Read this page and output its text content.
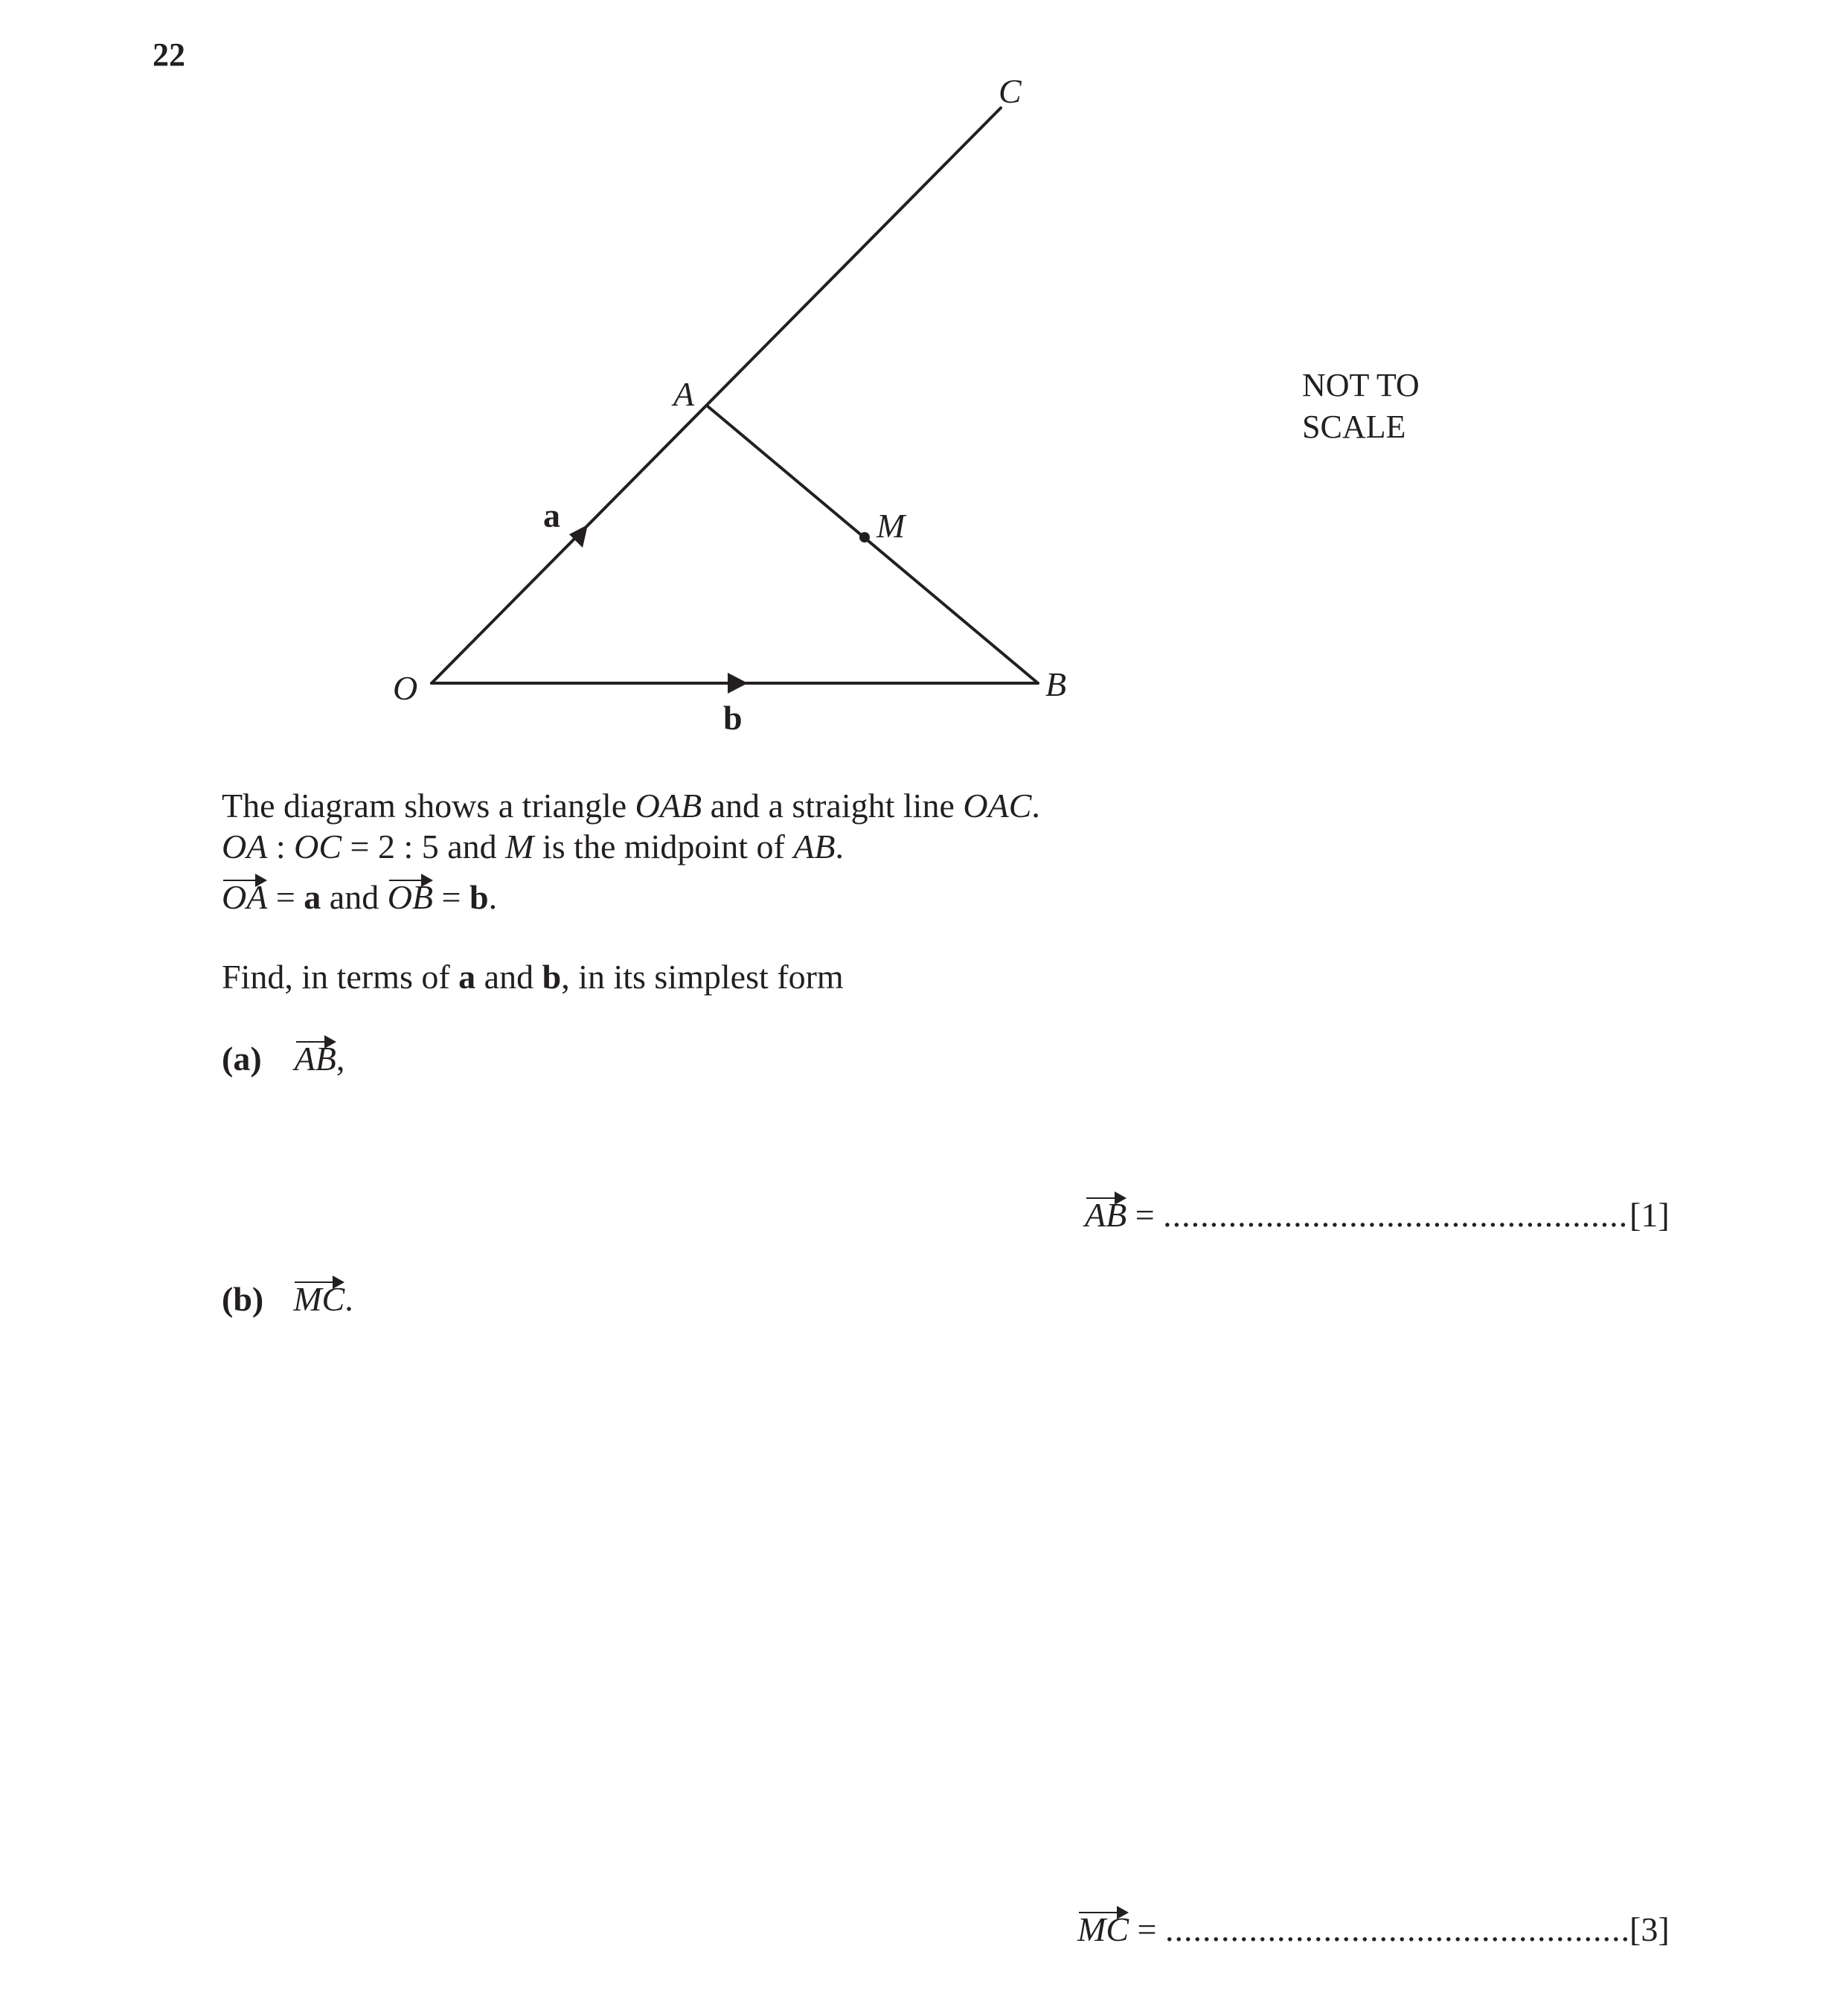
22
O
A
B
C
M
a
b
NOT TO
SCALE
The diagram shows a triangle OAB and a straight line OAC.
OA : OC = 2 : 5 and M is the midpoint of AB.
OA = a and OB = b.
Find, in terms of a and b, in its simplest form
(a) AB,
AB = .................................................. [1]
(b) MC.
MC = .................................................. [3]
